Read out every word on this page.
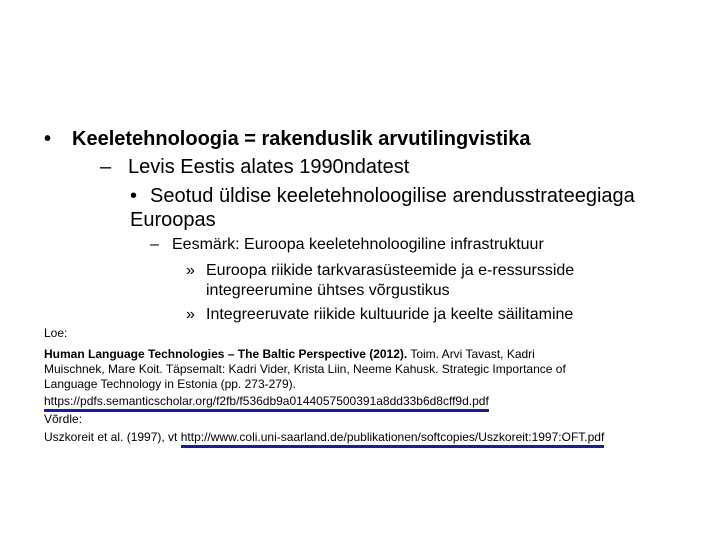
• Keeletehnoloogia = rakenduslik arvutilingvistika
– Levis Eestis alates 1990ndatest
• Seotud üldise keeletehnoloogilise arendusstrateegiaga
Euroopas
– Eesmärk: Euroopa keeletehnoloogiline infrastruktuur
» Euroopa riikide tarkvarasüsteemide ja e-ressursside
integreerumine ühtses võrgustikus
» Integreeruvate riikide kultuuride ja keelte säilitamine
Loe:
Human Language Technologies – The Baltic Perspective (2012). Toim. Arvi Tavast, Kadri
Muischnek, Mare Koit. Täpsemalt: Kadri Vider, Krista Liin, Neeme Kahusk. Strategic Importance of
Language Technology in Estonia (pp. 273-279).
https://pdfs.semanticscholar.org/f2fb/f536db9a0144057500391a8dd33b6d8cff9d.pdf
Võrdle:
Uszkoreit et al. (1997), vt http://www.coli.uni-saarland.de/publikationen/softcopies/Uszkoreit:1997:OFT.pdf
